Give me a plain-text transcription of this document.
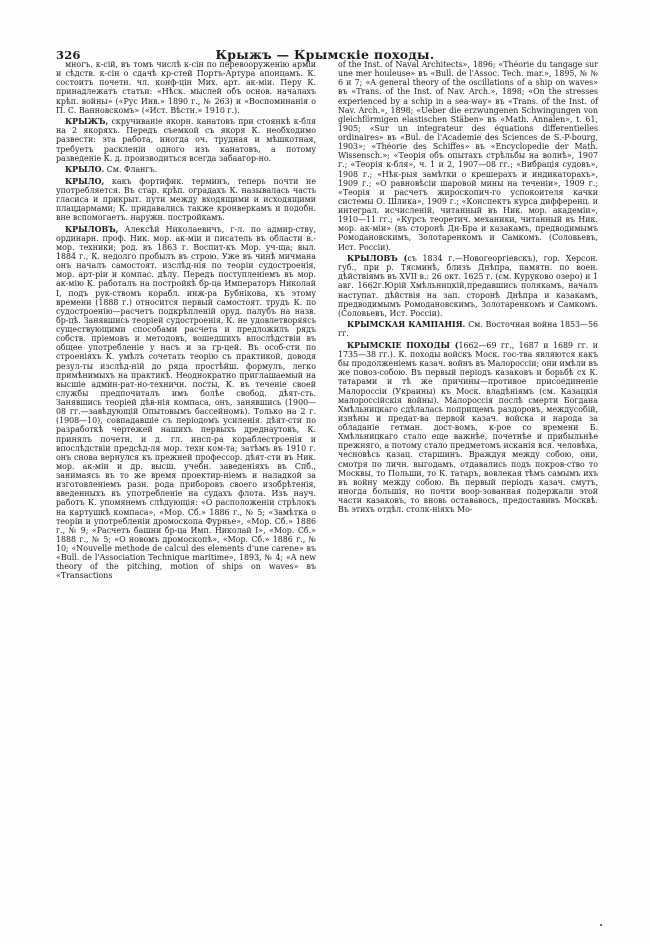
326	Крыжъ — Крымскіе походы.

многъ. к-сій, въ томъ числѣ к-сін по перевооруженію арміи и сѣдств. к-сін о сдачѣ кр-стей Портъ-Артура апонцамъ. К. состоитъ почетн. чл. конф-цін Мих. арт. ак-міи. Перу К. принадлежатъ статьи: «Нѣск. мыслей объ основ. началахъ крѣп. войны» («Рус Инв.» 1890 г., № 263) и «Воспоминанія о П. С. Ванновскомъ» («Ист. Вѣстн.» 1910 г.).

КРЫЖЪ, скручиваніе якорн. канатовъ при стоянкѣ к-бля на 2 якоряхъ. Передъ съемкой съ якоря К. необходимо развести: эта работа, иногда оч. трудная и мѣшкотная, требуетъ раскленіи одного изъ канатовъ, а потому разведеніе К. д. производиться всегда забаагор-но.

КРЫЛО. См. Флангъ.

КРЫЛО, какъ фортифик. терминъ, теперь почти не употребляется. Въ стар. крѣп. оградахъ К. называлась часть гласиса и прикрыт. пути между входящими и исходящими плацдармами; К. придавались также кронверкамъ и подобн. вне вспомогаетъ. наружн. постройкамъ.

КРЫЛОВЪ, Алексѣй Николаевичъ, г-л. по адмир-ству, ординарн. проф. Ник. мор. ак-міи и писатель въ области в.-мор. техники; род. въ 1863 г. Воспит-къ Мор. уч-ща; выл. 1884 г., К. недолго пробылъ въ строю. Уже въ чинѣ мичмана онъ началъ самостоят. изслѣд-нія по теоріи судостроенія, мор. арт-ріи и компас. дѣлу. Передъ поступленіемъ въ мор. ак-мію К. работалъ на постройкѣ бр-ца Императоръ Николай I, подъ рук-ствомъ корабл. инж-ра Бубнікова, къ этому времени (1888 г.) относится первый самостоят. трудъ К. по судостроенію—расчетъ подкрѣпленій оруд. палубъ на назв. бр-цѣ. Занявшись теоріей судостроенія, К. не удовлетворяясь существующими способами расчета и предложилъ рядъ собств. пріемовъ и методовъ, вошедшихъ впослѣдствіи въ общее употребленіе у насъ и за гр-цей. Въ особ-сти по строеніяхъ К. умѣлъ сочетать теорію съ практикой, доводя резул-ты изслѣд-ній до ряда простѣйш. формулъ, легко примѣнимыхъ на практикѣ. Неоднократно приглашаемый на высшіе админ-рат-но-техничн. посты, К. въ теченіе своей службы предпочиталъ имъ болѣе свобод. дѣят-сть. Занявшись теоріей дѣв-нія компаса, онъ, занявшись (1900—08 гг.—завѣдующій Опытовымъ бассейномъ). Только на 2 г. (1908—10), совпадавшіе съ періодомъ усиленія. дѣят-сти по разработкѣ чертежей нашихъ первыхъ дреднаутовъ, К. принялъ почетн. и д. гл. инсп-ра кораблестроенія и впослѣдствіи предсѣд-ля мор. техн ком-та; затѣмъ въ 1910 г. онъ снова вернулся къ прежней профессор. дѣят-сти въ Ник. мор. ак-міи и др. высш. учебн. заведеніяхъ въ Спб., занимаясь въ то же время проектир-ніемъ и наладкой за изготовленіемъ разн. рода приборовъ своего изобрѣтенія, введенныхъ въ употребленіе на судахъ флота. Изъ науч. работъ К. упомянемъ слѣдующія: «О расположеніи стрѣлокъ на картушкѣ компаса», «Мор. Сб.» 1886 г., № 5; «Замѣтка о теоріи и употребленіи дромоскопа Фурнье», «Мор. Сб.» 1886 г., № 9; «Расчетъ башни бр-ца Имп. Николай I», «Мор. Сб.» 1888 г., № 5; «О новомъ дромоскопѣ», «Мор. Сб.» 1886 г., № 10; «Nouvelle methode de calcul des elements d'une carene» въ «Bull. de l'Association Technique maritime», 1893, № 4; «A new theory of the pitching, motion of ships on waves» въ «Transactions

of the Inst. of Naval Architects», 1896; «Théorie du tangage sur une mer houleuse» въ «Bull. de l'Assoc. Tech. mar.», 1895, № № 6 и 7; «A general theory of the oscillations of a ship on waves» въ «Trans. of the Inst. of Nav. Arch.», 1898; «On the stresses experienced by a schip in a sea-way» въ «Trans. of the Inst. of Nav. Arch.», 1898; «Ueber die erzwungenen Schwingungen von gleichförmigen elastischen Stäben» въ «Math. Annalen», t. 61, 1905; «Sur un integrateur des équations differentielles ordinaires» въ «Bul. de l'Academie des Sciences de S.-P-bourg, 1903»; «Théorie des Schiffes» въ «Encyclopedie der Math. Wissensch.»; «Теорія объ опытахъ стрѣльбы на волнѣ», 1907 г.; «Теорія к-бля», ч. 1 и 2, 1907—08 гг.; «Вибрація судовъ», 1908 г.; «Нѣк-рыя замѣтки о крешерахъ и индикаторахъ», 1909 г.; «О равновѣсіи шаровой мины на теченіи», 1909 г.; «Теорія и расчетъ жироскопич-го успокоителя качки системы О. Шлика», 1909 г.; «Конспектъ курса дифференц. и интеграл. исчисленій, читанный въ Ник. мор. академіи», 1910—11 гг.; «Курсъ теоретич. механики, читанный въ Ник. мор. ак-міи» (въ сторонѣ Дн-Бра и казакамъ, предводимымъ Ромодановскимъ, Золотаренкомъ и Самкомъ. (Соловьевъ, Ист. Россіи).

КРЫЛОВЪ (съ 1834 г.—Новогеоргіевскъ), гор. Херсон. губ., при р. Тясминѣ, близъ Днѣпра, памятн. по воен. дѣйствіямъ въ XVII в.: 26 окт. 1625 г. (см. Куруково озеро) и 1 авг. 1662г.Юрій Хмѣльницкій,предавшись полякамъ, началъ наступат. дѣйствія на зап. сторонѣ Днѣпра и казакамъ, предводимымъ Ромодановскимъ, Золотаренкомъ и Самкомъ. (Соловьевъ, Ист. Россіи).

КРЫМСКАЯ КАМПАНІЯ. См. Восточная война 1853—56 гг.

КРЫМСКІЕ ПОХОДЫ (1662—69 гг., 1687 и 1689 гг. и 1735—38 гг.). К. походы войскъ Моск. гос-тва являются какъ бы продолженіемъ казач. войнъ въ Малороссіи; они имѣли въ же повоз-собою. Въ первый періодъ казаковъ и борьбѣ сх К. татарами и тѣ же причины—противое присоединеніе Малороссіи (Украины) къ Моск. владѣніямъ (см. Казацкія малороссійскія войны). Малороссія послѣ смерти Богдана Хмѣльницкаго сдѣлалась поприщемъ раздоровъ, междусобій, изнѣны и предат-ва первой казач. войска и народа за обладаніе гетман. дост-вомъ, к-рое со времени Б. Хмѣльницкаго стало еще важнѣе, почетнѣе и прибыльнѣе прежняго, а потому стало предметомъ исканія вся. человѣка, чесновѣсь казац. старшинъ. Враждуя между собою, они, смотря по личн. выгодамъ, отдавались подъ покров-ство то Москвы, то Польши, то К. татаръ, вовлекая тѣмъ самымъ ихъ въ войну между собою. Вь первый періодъ казач. смутъ, иногда большія, но почти воор-зованная подержали этой части казаковъ, то вновь остававось, предоставивъ Москвѣ. Въ этихъ отдѣл. столк-ніяхъ Мо-
